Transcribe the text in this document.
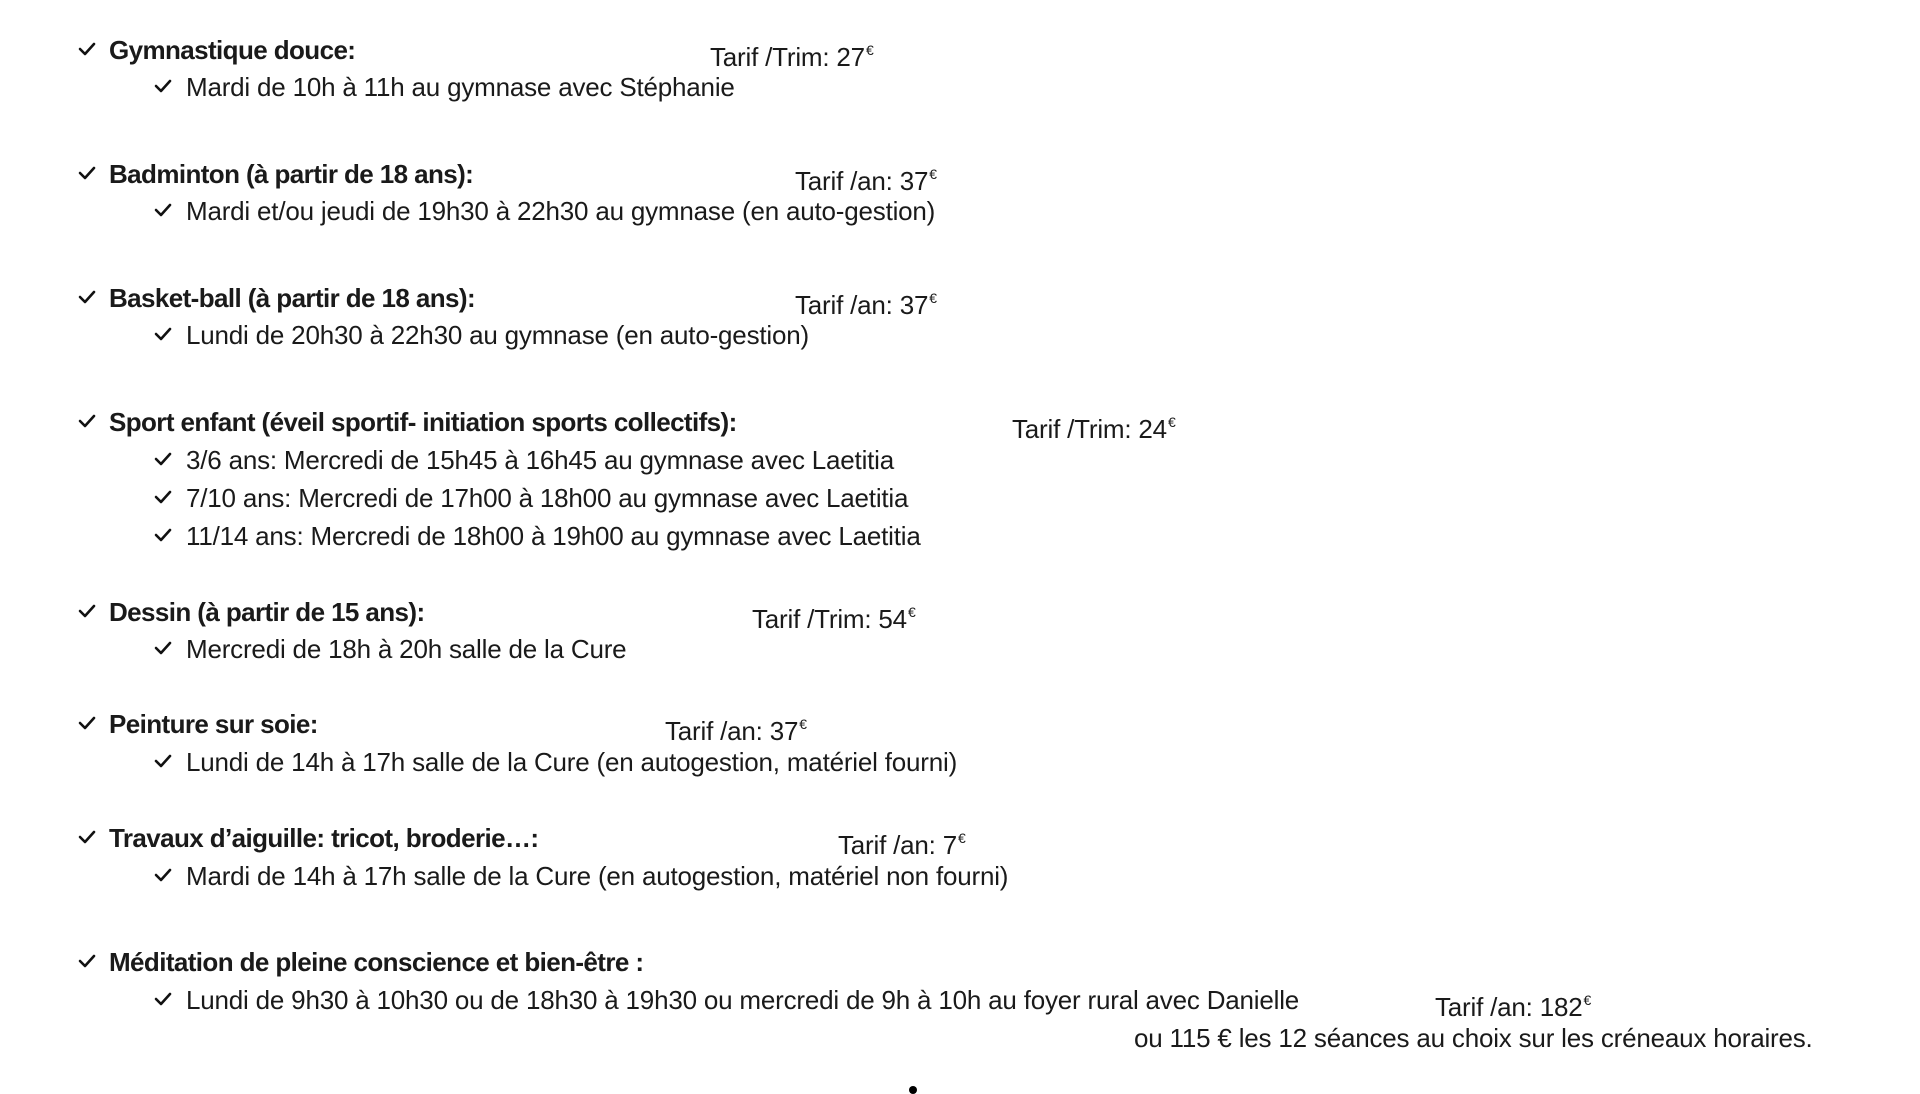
Gymnastique douce:	Tarif /Trim: 27€
Mardi de 10h à 11h au gymnase avec Stéphanie
Badminton (à partir de 18 ans):	Tarif /an: 37€
Mardi et/ou jeudi de 19h30 à 22h30 au gymnase (en auto-gestion)
Basket-ball (à partir de 18 ans):	Tarif /an: 37€
Lundi de 20h30 à 22h30 au gymnase (en auto-gestion)
Sport enfant (éveil sportif- initiation sports collectifs):	Tarif /Trim: 24€
3/6 ans: Mercredi de 15h45 à 16h45 au gymnase avec Laetitia
7/10 ans: Mercredi de 17h00 à 18h00 au gymnase avec Laetitia
11/14 ans: Mercredi de 18h00 à 19h00 au gymnase avec Laetitia
Dessin (à partir de 15 ans):	Tarif /Trim: 54€
Mercredi de 18h à 20h salle de la Cure
Peinture sur soie:	Tarif /an: 37€
Lundi de 14h à 17h salle de la Cure (en autogestion, matériel fourni)
Travaux d’aiguille: tricot, broderie…:	Tarif /an: 7€
Mardi de 14h à 17h salle de la Cure (en autogestion, matériel non fourni)
Méditation de pleine conscience et bien-être :
Lundi de 9h30 à 10h30 ou de 18h30 à 19h30 ou mercredi de 9h à 10h au foyer rural avec Danielle	Tarif /an: 182€
ou 115 € les 12 séances au choix sur les créneaux horaires.
